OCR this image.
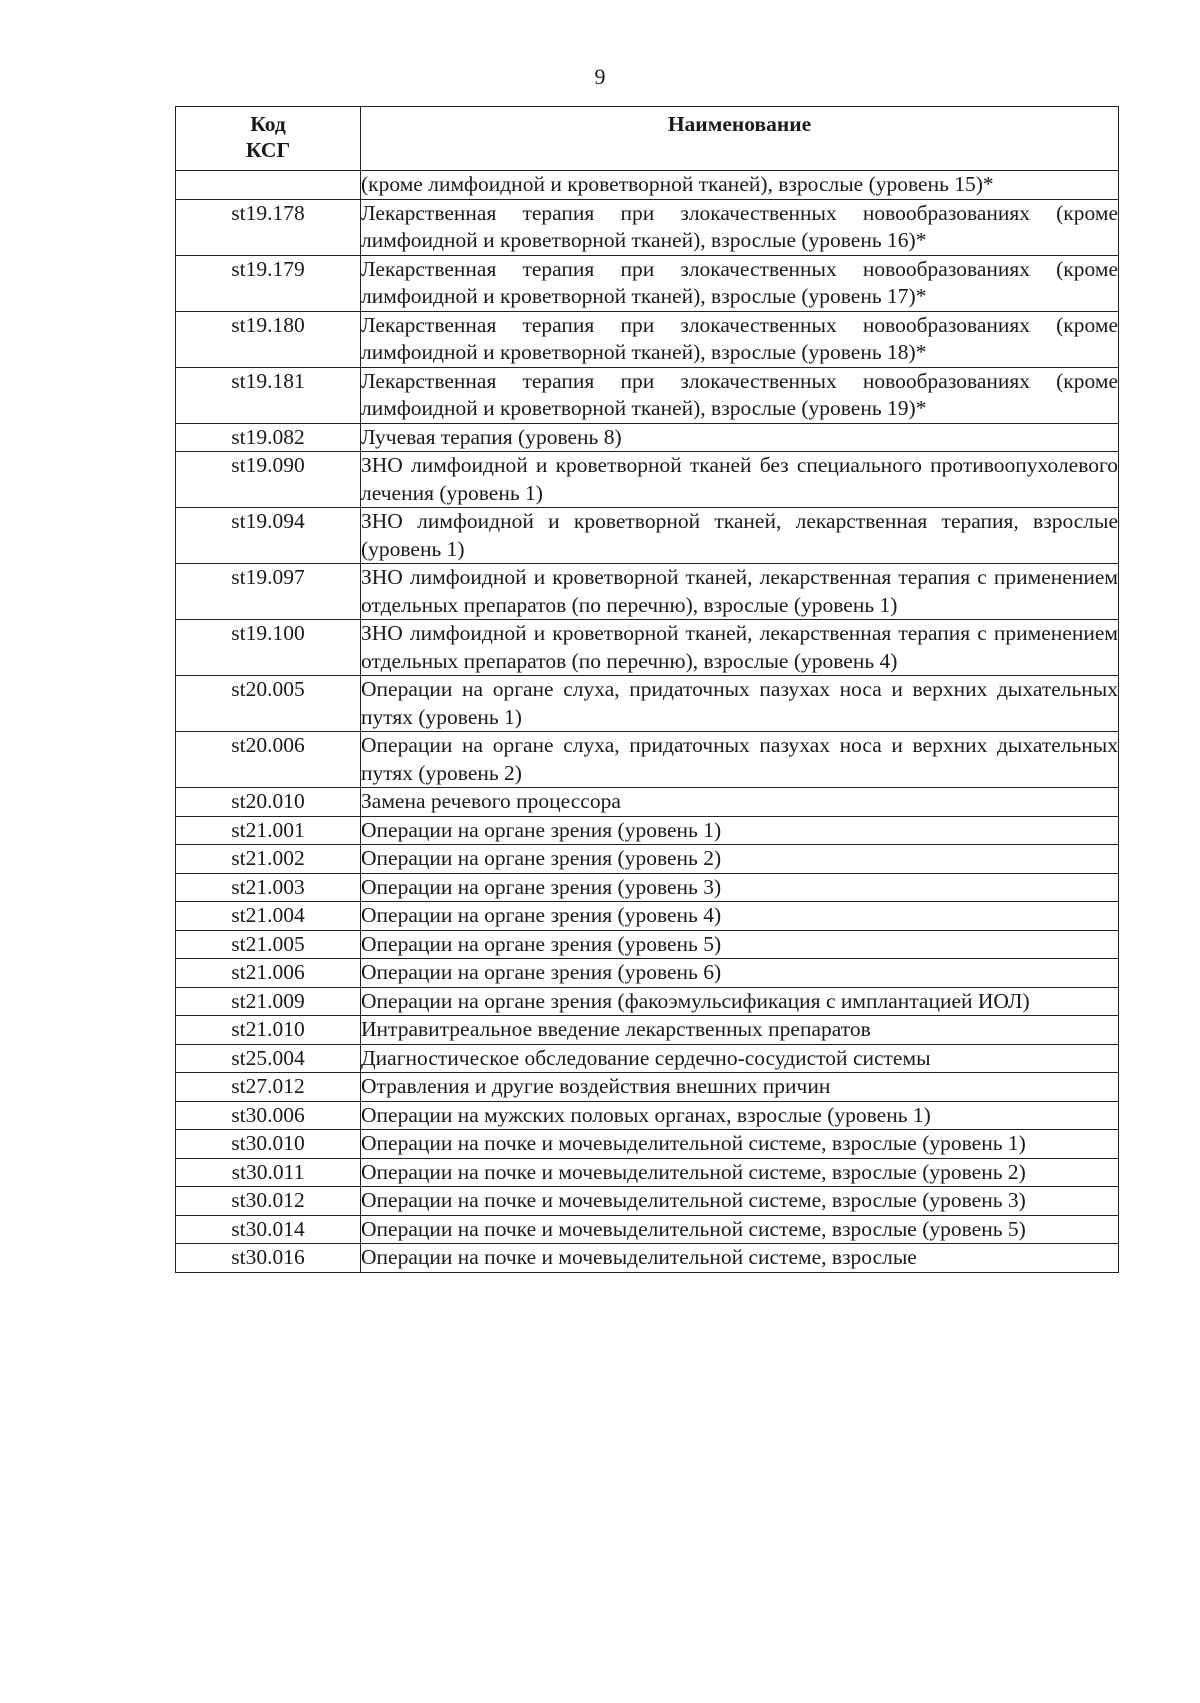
9
Код
КСГ	Наименование
	(кроме лимфоидной и кроветворной тканей), взрослые (уровень 15)*
st19.178	Лекарственная терапия при злокачественных новообразованиях (кроме лимфоидной и кроветворной тканей), взрослые (уровень 16)*
st19.179	Лекарственная терапия при злокачественных новообразованиях (кроме лимфоидной и кроветворной тканей), взрослые (уровень 17)*
st19.180	Лекарственная терапия при злокачественных новообразованиях (кроме лимфоидной и кроветворной тканей), взрослые (уровень 18)*
st19.181	Лекарственная терапия при злокачественных новообразованиях (кроме лимфоидной и кроветворной тканей), взрослые (уровень 19)*
st19.082	Лучевая терапия (уровень 8)
st19.090	ЗНО лимфоидной и кроветворной тканей без специального противоопухолевого лечения (уровень 1)
st19.094	ЗНО лимфоидной и кроветворной тканей, лекарственная терапия, взрослые (уровень 1)
st19.097	ЗНО лимфоидной и кроветворной тканей, лекарственная терапия с применением отдельных препаратов (по перечню), взрослые (уровень 1)
st19.100	ЗНО лимфоидной и кроветворной тканей, лекарственная терапия с применением отдельных препаратов (по перечню), взрослые (уровень 4)
st20.005	Операции на органе слуха, придаточных пазухах носа и верхних дыхательных путях (уровень 1)
st20.006	Операции на органе слуха, придаточных пазухах носа и верхних дыхательных путях (уровень 2)
st20.010	Замена речевого процессора
st21.001	Операции на органе зрения (уровень 1)
st21.002	Операции на органе зрения (уровень 2)
st21.003	Операции на органе зрения (уровень 3)
st21.004	Операции на органе зрения (уровень 4)
st21.005	Операции на органе зрения (уровень 5)
st21.006	Операции на органе зрения (уровень 6)
st21.009	Операции на органе зрения (факоэмульсификация с имплантацией ИОЛ)
st21.010	Интравитреальное введение лекарственных препаратов
st25.004	Диагностическое обследование сердечно-сосудистой системы
st27.012	Отравления и другие воздействия внешних причин
st30.006	Операции на мужских половых органах, взрослые (уровень 1)
st30.010	Операции на почке и мочевыделительной системе, взрослые (уровень 1)
st30.011	Операции на почке и мочевыделительной системе, взрослые (уровень 2)
st30.012	Операции на почке и мочевыделительной системе, взрослые (уровень 3)
st30.014	Операции на почке и мочевыделительной системе, взрослые (уровень 5)
st30.016	Операции на почке и мочевыделительной системе, взрослые
